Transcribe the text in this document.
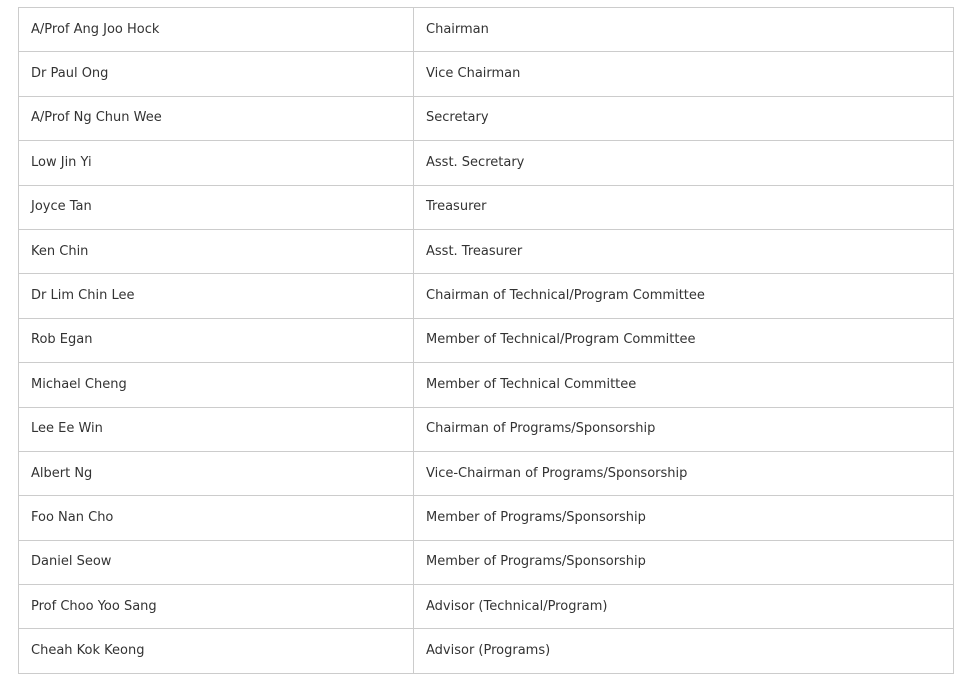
A/Prof Ang Joo Hock	Chairman
Dr Paul Ong	Vice Chairman
A/Prof Ng Chun Wee	Secretary
Low Jin Yi	Asst. Secretary
Joyce Tan	Treasurer
Ken Chin	Asst. Treasurer
Dr Lim Chin Lee	Chairman of Technical/Program Committee
Rob Egan	Member of Technical/Program Committee
Michael Cheng	Member of Technical Committee
Lee Ee Win	Chairman of Programs/Sponsorship
Albert Ng	Vice-Chairman of Programs/Sponsorship
Foo Nan Cho	Member of Programs/Sponsorship
Daniel Seow	Member of Programs/Sponsorship
Prof Choo Yoo Sang	Advisor (Technical/Program)
Cheah Kok Keong	Advisor (Programs)
